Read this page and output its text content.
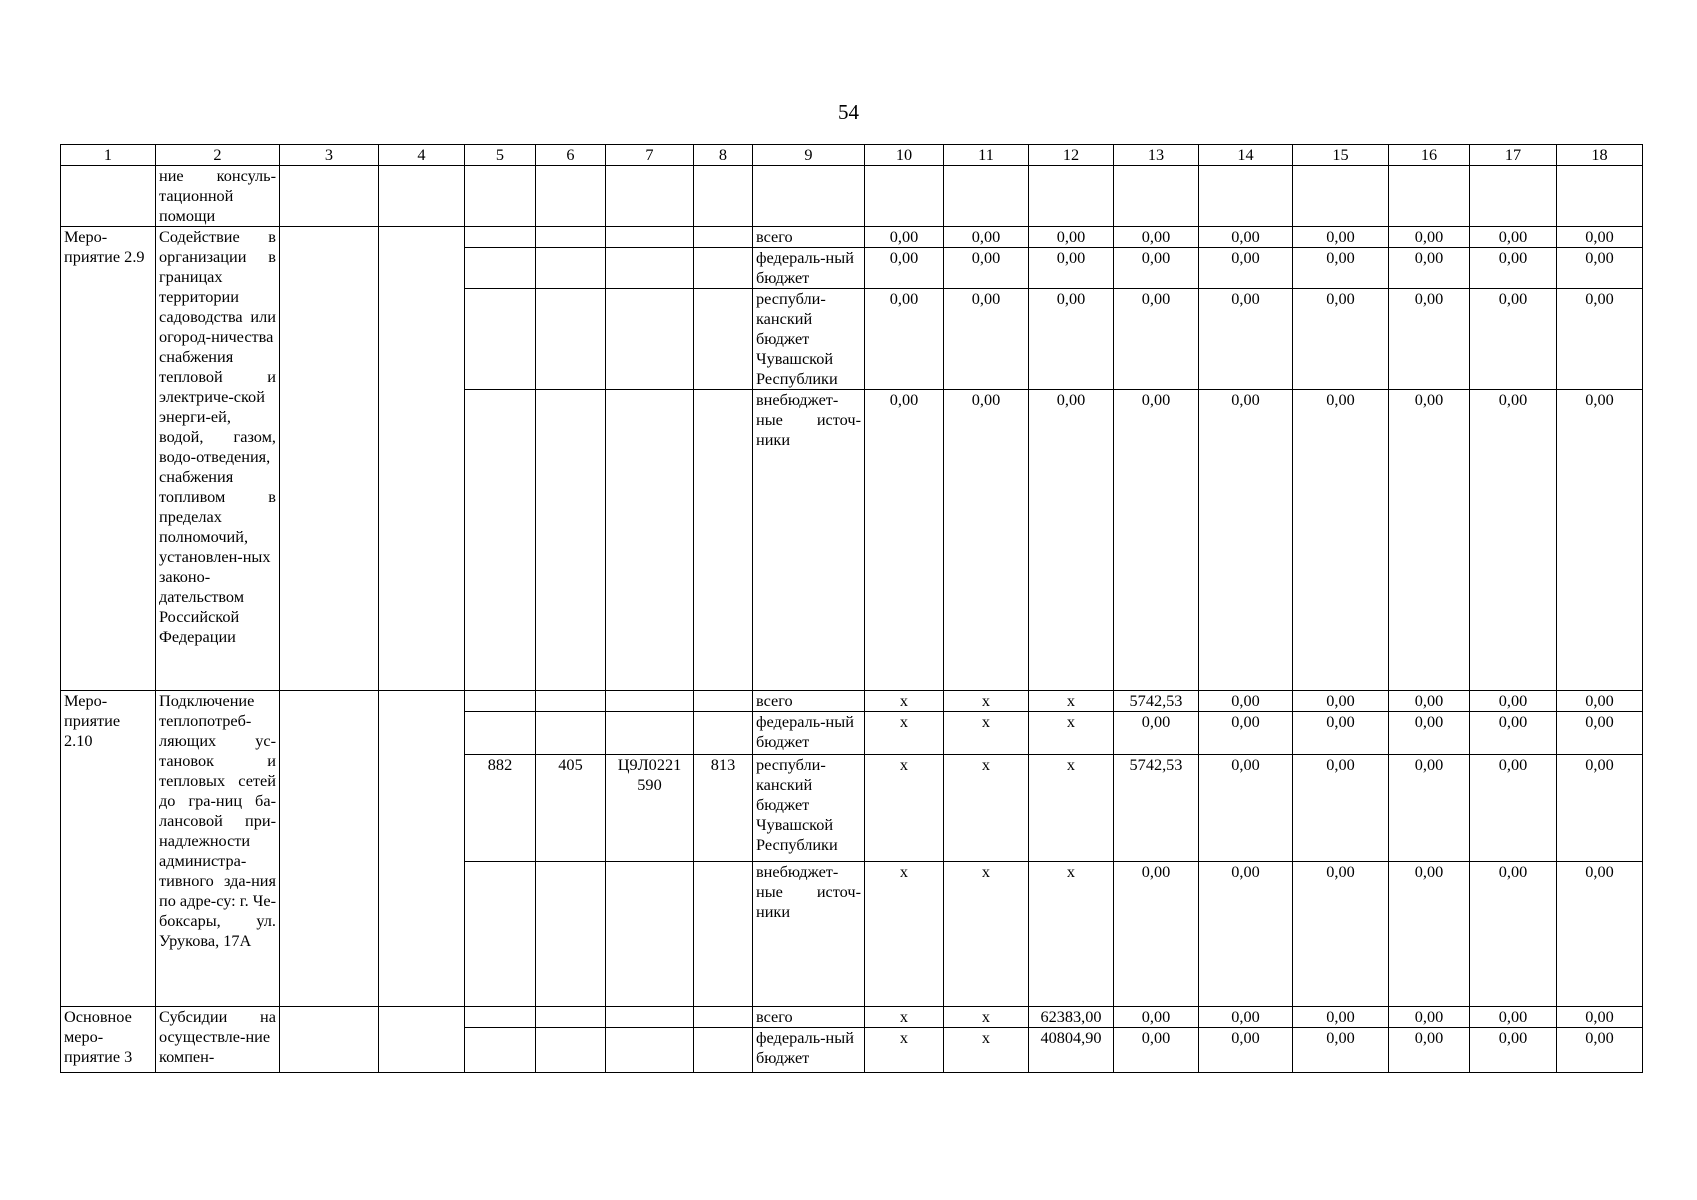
54
1	2	3	4	5	6	7	8	9	10	11	12	13	14	15	16	17	18
	ние консуль-тационной помощи																
Меро-приятие 2.9	Содействие в организации в границах территории садоводства или огород-ничества снабжения тепловой и электриче-ской энерги-ей, водой, газом, водо-отведения, снабжения топливом в пределах полномочий, установлен-ных законо-дательством Российской Федерации							всего	0,00	0,00	0,00	0,00	0,00	0,00	0,00	0,00	0,00
								федераль-ный бюджет	0,00	0,00	0,00	0,00	0,00	0,00	0,00	0,00	0,00
								республи-канский бюджет Чувашской Республики	0,00	0,00	0,00	0,00	0,00	0,00	0,00	0,00	0,00
								внебюджет-ные источ-ники	0,00	0,00	0,00	0,00	0,00	0,00	0,00	0,00	0,00
Меро-приятие 2.10	Подключение теплопотреб-ляющих ус-тановок и тепловых сетей до гра-ниц ба-лансовой при-надлежности администра-тивного зда-ния по адре-су: г. Че-боксары, ул. Урукова, 17А							всего	x	x	x	5742,53	0,00	0,00	0,00	0,00	0,00
								федераль-ный бюджет	x	x	x	0,00	0,00	0,00	0,00	0,00	0,00
				882	405	Ц9Л0221 590	813	республи-канский бюджет Чувашской Республики	x	x	x	5742,53	0,00	0,00	0,00	0,00	0,00
								внебюджет-ные источ-ники	x	x	x	0,00	0,00	0,00	0,00	0,00	0,00
Основное меро-приятие 3	Субсидии на осуществле-ние компен-							всего	x	x	62383,00	0,00	0,00	0,00	0,00	0,00	0,00
								федераль-ный бюджет	x	x	40804,90	0,00	0,00	0,00	0,00	0,00	0,00
